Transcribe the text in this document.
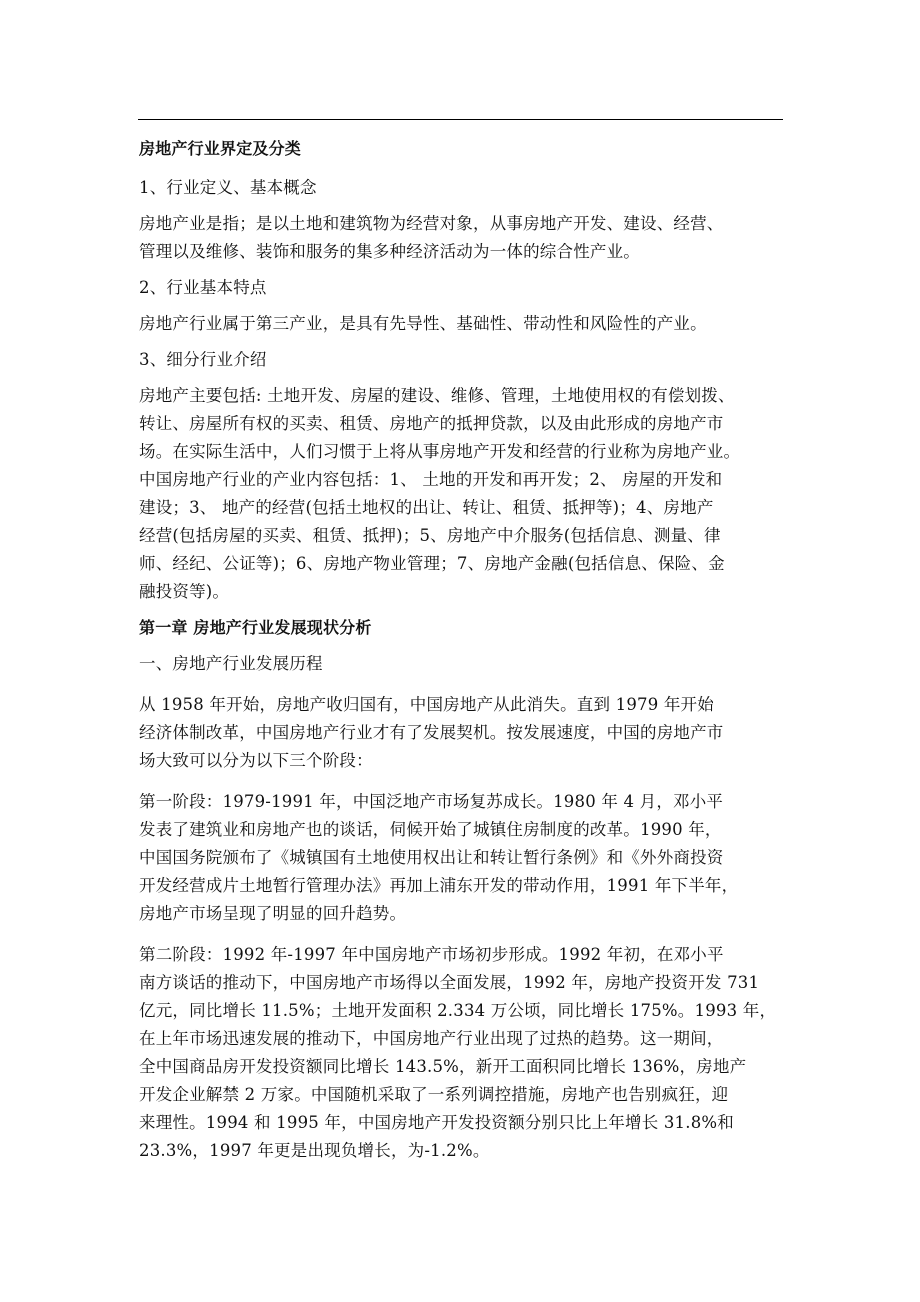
房地产行业界定及分类
1、行业定义、基本概念
房地产业是指；是以土地和建筑物为经营对象，从事房地产开发、建设、经营、
管理以及维修、装饰和服务的集多种经济活动为一体的综合性产业。
2、行业基本特点
房地产行业属于第三产业，是具有先导性、基础性、带动性和风险性的产业。
3、细分行业介绍
房地产主要包括: 土地开发、房屋的建设、维修、管理，土地使用权的有偿划拨、
转让、房屋所有权的买卖、租赁、房地产的抵押贷款，以及由此形成的房地产市
场。在实际生活中，人们习惯于上将从事房地产开发和经营的行业称为房地产业。
中国房地产行业的产业内容包括：1、 土地的开发和再开发；2、 房屋的开发和
建设；3、 地产的经营(包括土地权的出让、转让、租赁、抵押等)；4、房地产
经营(包括房屋的买卖、租赁、抵押)；5、房地产中介服务(包括信息、测量、律
师、经纪、公证等)；6、房地产物业管理；7、房地产金融(包括信息、保险、金
融投资等)。
第一章 房地产行业发展现状分析
一、房地产行业发展历程
从 1958 年开始，房地产收归国有，中国房地产从此消失。直到 1979 年开始
经济体制改革，中国房地产行业才有了发展契机。按发展速度，中国的房地产市
场大致可以分为以下三个阶段：
第一阶段：1979-1991 年，中国泛地产市场复苏成长。1980 年 4 月，邓小平
发表了建筑业和房地产也的谈话，伺候开始了城镇住房制度的改革。1990 年，
中国国务院颁布了《城镇国有土地使用权出让和转让暂行条例》和《外外商投资
开发经营成片土地暂行管理办法》再加上浦东开发的带动作用，1991 年下半年，
房地产市场呈现了明显的回升趋势。
第二阶段：1992 年-1997 年中国房地产市场初步形成。1992 年初，在邓小平
南方谈话的推动下，中国房地产市场得以全面发展，1992 年，房地产投资开发 731
亿元，同比增长 11.5%；土地开发面积 2.334 万公顷，同比增长 175%。1993 年，
在上年市场迅速发展的推动下，中国房地产行业出现了过热的趋势。这一期间，
全中国商品房开发投资额同比增长 143.5%，新开工面积同比增长 136%，房地产
开发企业解禁 2 万家。中国随机采取了一系列调控措施，房地产也告别疯狂，迎
来理性。1994 和 1995 年，中国房地产开发投资额分别只比上年增长 31.8%和
23.3%，1997 年更是出现负增长，为-1.2%。
